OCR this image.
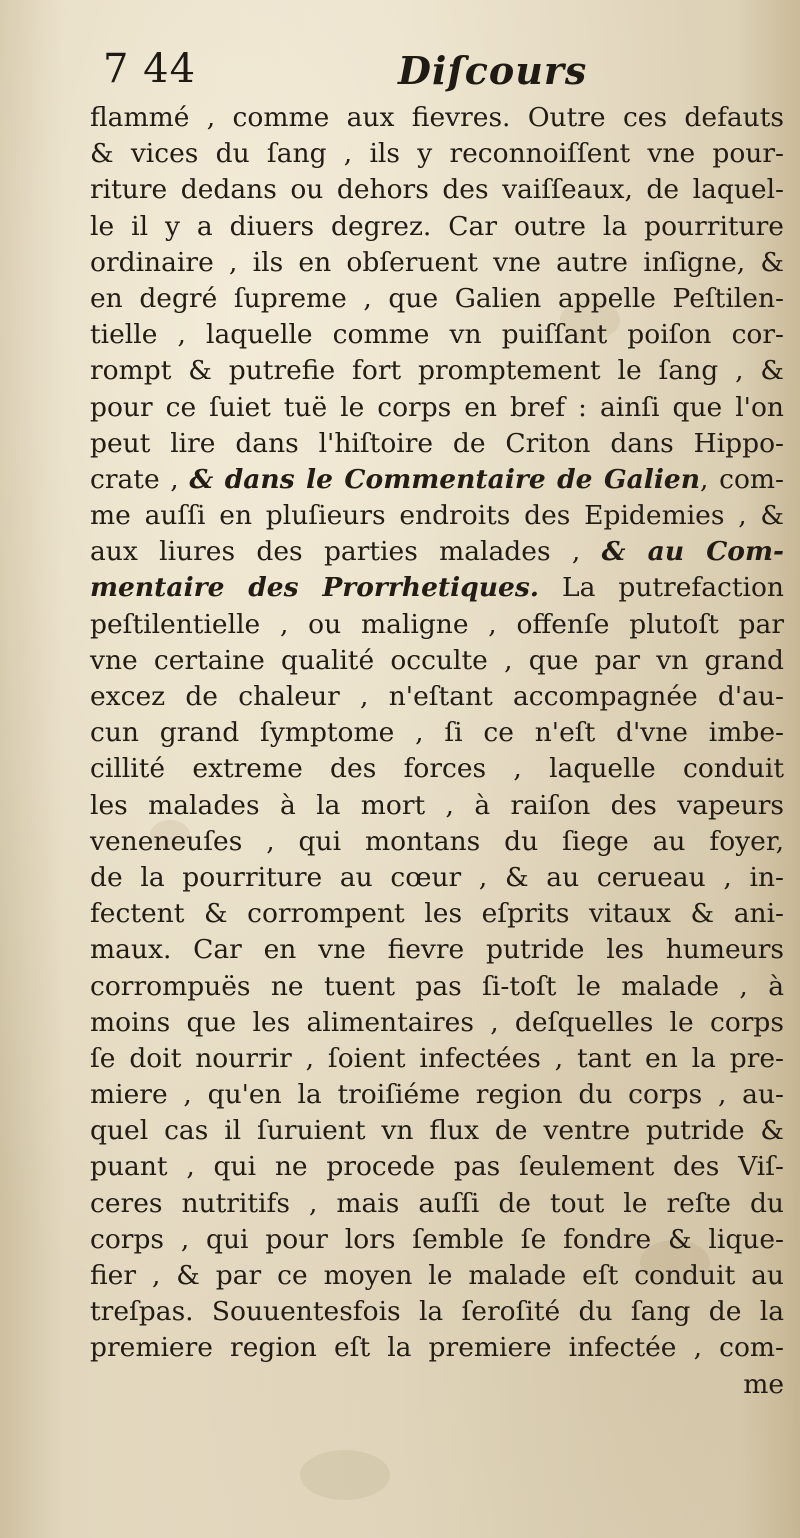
7 44	Diſcours
flammé , comme aux fievres. Outre ces defauts
& vices du ſang , ils y reconnoiſſent vne pour-
riture dedans ou dehors des vaiſſeaux, de laquel-
le il y a diuers degrez. Car outre la pourriture
ordinaire , ils en obſeruent vne autre inſigne, &
en degré ſupreme , que Galien appelle Peſtilen-
tielle , laquelle comme vn puiſſant poiſon cor-
rompt & putrefie fort promptement le ſang , &
pour ce ſuiet tuë le corps en bref : ainſi que l'on
peut lire dans l'hiſtoire de Criton dans Hippo-
crate , & dans le Commentaire de Galien, com-
me auſſi en pluſieurs endroits des Epidemies , &
aux liures des parties malades , & au Com-
mentaire des Prorrhetiques. La putrefaction
peſtilentielle , ou maligne , offenſe plutoſt par
vne certaine qualité occulte , que par vn grand
excez de chaleur , n'eſtant accompagnée d'au-
cun grand ſymptome , ſi ce n'eſt d'vne imbe-
cillité extreme des forces , laquelle conduit
les malades à la mort , à raiſon des vapeurs
veneneuſes , qui montans du ſiege au foyer,
de la pourriture au cœur , & au cerueau , in-
fectent & corrompent les eſprits vitaux & ani-
maux. Car en vne fievre putride les humeurs
corrompuës ne tuent pas ſi-toſt le malade , à
moins que les alimentaires , deſquelles le corps
ſe doit nourrir , ſoient infectées , tant en la pre-
miere , qu'en la troiſiéme region du corps , au-
quel cas il ſuruient vn flux de ventre putride &
puant , qui ne procede pas ſeulement des Viſ-
ceres nutritifs , mais auſſi de tout le reſte du
corps , qui pour lors ſemble ſe fondre & lique-
fier , & par ce moyen le malade eſt conduit au
treſpas. Souuentesfois la ſeroſité du ſang de la
premiere region eſt la premiere infectée , com-
me
